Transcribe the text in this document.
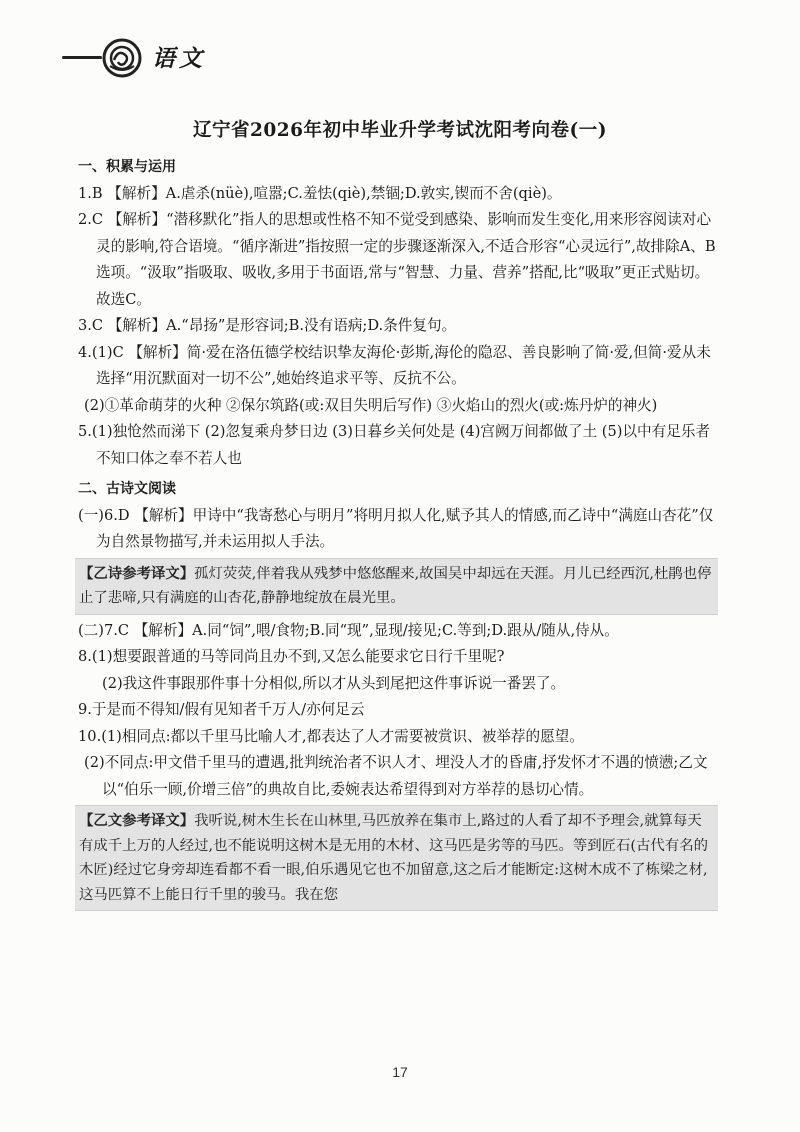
语文
辽宁省2026年初中毕业升学考试沈阳考向卷(一)
一、积累与运用
1.B 【解析】A.虐杀(nüè),喧嚣;C.羞怯(qiè),禁锢;D.敦实,锲而不舍(qiè)。
2.C 【解析】“潜移默化”指人的思想或性格不知不觉受到感染、影响而发生变化,用来形容阅读对心灵的影响,符合语境。“循序渐进”指按照一定的步骤逐渐深入,不适合形容“心灵远行”,故排除A、B选项。“汲取”指吸取、吸收,多用于书面语,常与“智慧、力量、营养”搭配,比“吸取”更正式贴切。故选C。
3.C 【解析】A.“昂扬”是形容词;B.没有语病;D.条件复句。
4.(1)C 【解析】简·爱在洛伍德学校结识挚友海伦·彭斯,海伦的隐忍、善良影响了简·爱,但简·爱从未选择“用沉默面对一切不公”,她始终追求平等、反抗不公。
(2)①革命萌芽的火种 ②保尔筑路(或:双目失明后写作) ③火焰山的烈火(或:炼丹炉的神火)
5.(1)独怆然而涕下 (2)忽复乘舟梦日边 (3)日暮乡关何处是 (4)宫阙万间都做了土 (5)以中有足乐者 不知口体之奉不若人也
二、古诗文阅读
(一)6.D 【解析】甲诗中“我寄愁心与明月”将明月拟人化,赋予其人的情感,而乙诗中“满庭山杏花”仅为自然景物描写,并未运用拟人手法。
【乙诗参考译文】孤灯荧荧,伴着我从残梦中悠悠醒来,故国吴中却远在天涯。月儿已经西沉,杜鹃也停止了悲啼,只有满庭的山杏花,静静地绽放在晨光里。
(二)7.C 【解析】A.同“饲”,喂/食物;B.同“现”,显现/接见;C.等到;D.跟从/随从,侍从。
8.(1)想要跟普通的马等同尚且办不到,又怎么能要求它日行千里呢?
(2)我这件事跟那件事十分相似,所以才从头到尾把这件事诉说一番罢了。
9.于是而不得知/假有见知者千万人/亦何足云
10.(1)相同点:都以千里马比喻人才,都表达了人才需要被赏识、被举荐的愿望。
(2)不同点:甲文借千里马的遭遇,批判统治者不识人才、埋没人才的昏庸,抒发怀才不遇的愤懑;乙文以“伯乐一顾,价增三倍”的典故自比,委婉表达希望得到对方举荐的恳切心情。
【乙文参考译文】我听说,树木生长在山林里,马匹放养在集市上,路过的人看了却不予理会,就算每天有成千上万的人经过,也不能说明这树木是无用的木材、这马匹是劣等的马匹。等到匠石(古代有名的木匠)经过它身旁却连看都不看一眼,伯乐遇见它也不加留意,这之后才能断定:这树木成不了栋梁之材,这马匹算不上能日行千里的骏马。我在您
17
